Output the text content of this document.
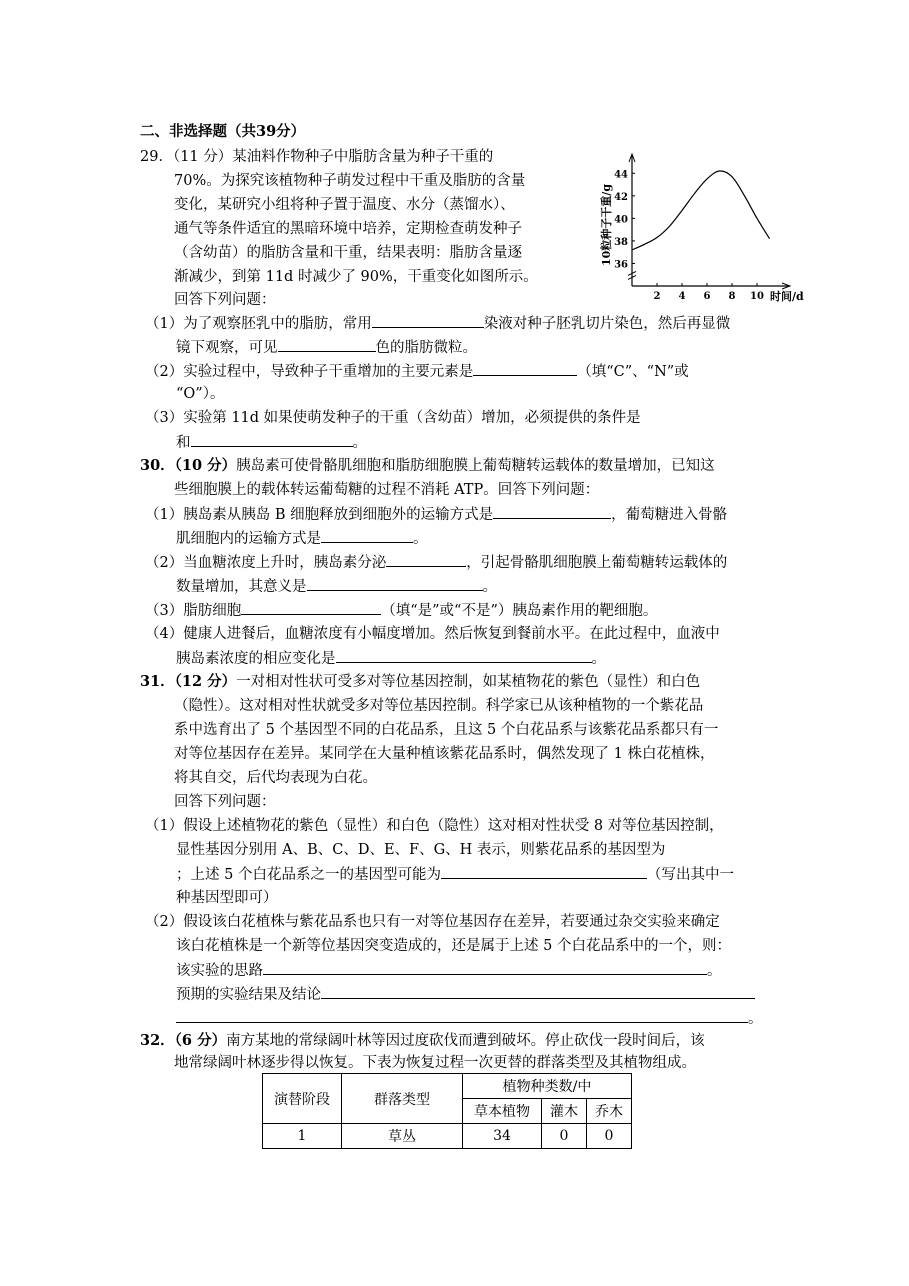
二、非选择题（共39分）
29．（11 分）某油料作物种子中脂肪含量为种子干重的
70%。为探究该植物种子萌发过程中干重及脂肪的含量
变化，某研究小组将种子置于温度、水分（蒸馏水）、
通气等条件适宜的黑暗环境中培养，定期检查萌发种子
（含幼苗）的脂肪含量和干重，结果表明：脂肪含量逐
渐减少，到第 11d 时减少了 90%，干重变化如图所示。
回答下列问题：
36
38
40
42
44
2 4 6 8 10
10粒种子干重/g
时间/d
（1）为了观察胚乳中的脂肪，常用	染液对种子胚乳切片染色，然后再显微
镜下观察，可见	色的脂肪微粒。
（2）实验过程中，导致种子干重增加的主要元素是	（填“C”、“N”或
“O”）。
（3）实验第 11d 如果使萌发种子的干重（含幼苗）增加，必须提供的条件是
和	。
30．（10 分）胰岛素可使骨骼肌细胞和脂肪细胞膜上葡萄糖转运载体的数量增加，已知这
些细胞膜上的载体转运葡萄糖的过程不消耗 ATP。回答下列问题：
（1）胰岛素从胰岛 B 细胞释放到细胞外的运输方式是	，葡萄糖进入骨骼
肌细胞内的运输方式是	。
（2）当血糖浓度上升时，胰岛素分泌	，引起骨骼肌细胞膜上葡萄糖转运载体的
数量增加，其意义是	。
（3）脂肪细胞	（填“是”或“不是”）胰岛素作用的靶细胞。
（4）健康人进餐后，血糖浓度有小幅度增加。然后恢复到餐前水平。在此过程中，血液中
胰岛素浓度的相应变化是	。
31．（12 分）一对相对性状可受多对等位基因控制，如某植物花的紫色（显性）和白色
（隐性）。这对相对性状就受多对等位基因控制。科学家已从该种植物的一个紫花品
系中选育出了 5 个基因型不同的白花品系，且这 5 个白花品系与该紫花品系都只有一
对等位基因存在差异。某同学在大量种植该紫花品系时，偶然发现了 1 株白花植株，
将其自交，后代均表现为白花。
回答下列问题：
（1）假设上述植物花的紫色（显性）和白色（隐性）这对相对性状受 8 对等位基因控制，
显性基因分别用 A、B、C、D、E、F、G、H 表示，则紫花品系的基因型为
；上述 5 个白花品系之一的基因型可能为	（写出其中一
种基因型即可）
（2）假设该白花植株与紫花品系也只有一对等位基因存在差异，若要通过杂交实验来确定
该白花植株是一个新等位基因突变造成的，还是属于上述 5 个白花品系中的一个，则：
该实验的思路	。
预期的实验结果及结论
。
32．（6 分）南方某地的常绿阔叶林等因过度砍伐而遭到破坏。停止砍伐一段时间后，该
地常绿阔叶林逐步得以恢复。下表为恢复过程一次更替的群落类型及其植物组成。
演替阶段	群落类型	植物种类数/中		
		草本植物	灌木	乔木
1	草丛	34	0	0
